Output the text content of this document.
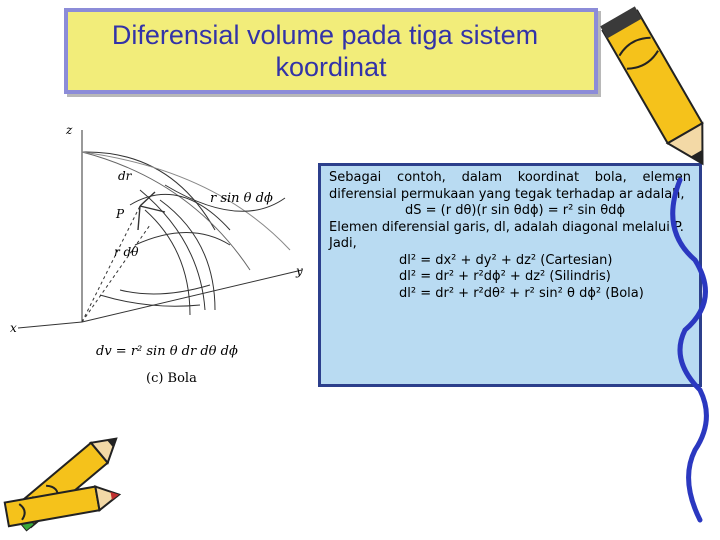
Diferensial volume pada tiga sistem
koordinat
z
y
x
P
dr
r dθ
r sin θ dϕ
dv = r² sin θ dr dθ dϕ
(c) Bola

Sebagai contoh, dalam koordinat bola, elemen diferensial permukaan yang tegak terhadap ar adalah,

dS = (r dθ)(r sin θdϕ) = r² sin θdϕ

Elemen diferensial garis, dl, adalah diagonal melalui P.

Jadi,

dl² = dx² + dy² + dz² (Cartesian)
dl² = dr² + r²dϕ² + dz² (Silindris)
dl² = dr² + r²dθ² + r² sin² θ dϕ² (Bola)
